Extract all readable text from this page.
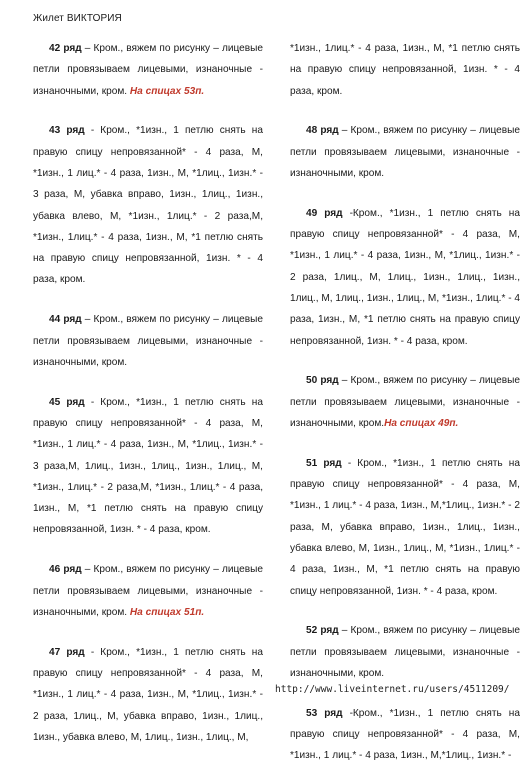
Жилет ВИКТОРИЯ

42 ряд – Кром., вяжем по рисунку – лицевые петли провязываем лицевыми, изнаночные - изнаночными, кром. На спицах 53п.

43 ряд - Кром., *1изн., 1 петлю снять на правую спицу непровязанной* - 4 раза, М, *1изн., 1 лиц.* - 4 раза, 1изн., М, *1лиц., 1изн.* - 3 раза, М, убавка вправо, 1изн., 1лиц., 1изн., убавка влево, М, *1изн., 1лиц.* - 2 раза,М, *1изн., 1лиц.* - 4 раза, 1изн., М, *1 петлю снять на правую спицу непровязанной, 1изн. * - 4 раза, кром.

44 ряд – Кром., вяжем по рисунку – лицевые петли провязываем лицевыми, изнаночные - изнаночными, кром.

45 ряд - Кром., *1изн., 1 петлю снять на правую спицу непровязанной* - 4 раза, М, *1изн., 1 лиц.* - 4 раза, 1изн., М, *1лиц., 1изн.* - 3 раза,М, 1лиц., 1изн., 1лиц., 1изн., 1лиц., М, *1изн., 1лиц.* - 2 раза,М, *1изн., 1лиц.* - 4 раза, 1изн., М, *1 петлю снять на правую спицу непровязанной, 1изн. * - 4 раза, кром.

46 ряд – Кром., вяжем по рисунку – лицевые петли провязываем лицевыми, изнаночные - изнаночными, кром. На спицах 51п.

47 ряд - Кром., *1изн., 1 петлю снять на правую спицу непровязанной* - 4 раза, М, *1изн., 1 лиц.* - 4 раза, 1изн., М, *1лиц., 1изн.* - 2 раза, 1лиц., М, убавка вправо, 1изн., 1лиц., 1изн., убавка влево, М, 1лиц., 1изн., 1лиц., М,

*1изн., 1лиц.* - 4 раза, 1изн., М, *1 петлю снять на правую спицу непровязанной, 1изн. * - 4 раза, кром.

48 ряд – Кром., вяжем по рисунку – лицевые петли провязываем лицевыми, изнаночные - изнаночными, кром.

49 ряд -Кром., *1изн., 1 петлю снять на правую спицу непровязанной* - 4 раза, М, *1изн., 1 лиц.* - 4 раза, 1изн., М, *1лиц., 1изн.* - 2 раза, 1лиц., М, 1лиц., 1изн., 1лиц., 1изн., 1лиц., М, 1лиц., 1изн., 1лиц., М, *1изн., 1лиц.* - 4 раза, 1изн., М, *1 петлю снять на правую спицу непровязанной, 1изн. * - 4 раза, кром.

50 ряд – Кром., вяжем по рисунку – лицевые петли провязываем лицевыми, изнаночные - изнаночными, кром.На спицах 49п.

51 ряд - Кром., *1изн., 1 петлю снять на правую спицу непровязанной* - 4 раза, М, *1изн., 1 лиц.* - 4 раза, 1изн., М,*1лиц., 1изн.* - 2 раза, М, убавка вправо, 1изн., 1лиц., 1изн., убавка влево, М, 1изн., 1лиц., М, *1изн., 1лиц.* - 4 раза, 1изн., М, *1 петлю снять на правую спицу непровязанной, 1изн. * - 4 раза, кром.

52 ряд – Кром., вяжем по рисунку – лицевые петли провязываем лицевыми, изнаночные - изнаночными, кром.

53 ряд -Кром., *1изн., 1 петлю снять на правую спицу непровязанной* - 4 раза, М, *1изн., 1 лиц.* - 4 раза, 1изн., М,*1лиц., 1изн.* -

http://www.liveinternet.ru/users/4511209/
